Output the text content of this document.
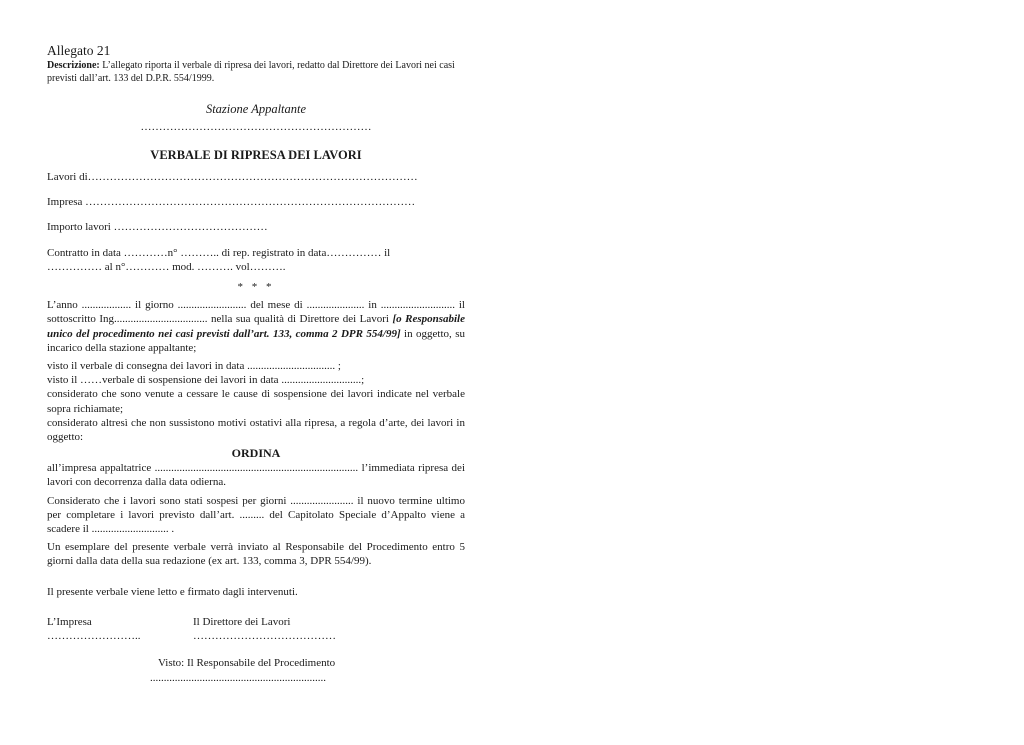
Allegato 21
Descrizione: L’allegato riporta il verbale di ripresa dei lavori, redatto dal Direttore dei Lavori nei casi previsti dall’art. 133 del D.P.R. 554/1999.
Stazione Appaltante
………………………………………………………
VERBALE DI RIPRESA DEI LAVORI
Lavori di………………………………………………………………………………
Impresa ………………………………………………………………………………
Importo lavori ……………………………………
Contratto in data …………n° ……….. di rep. registrato in data…………… il
…………… al n°………… mod. ………. vol……….
* * *
L’anno .................. il giorno ......................... del mese di ..................... in ........................... il sottoscritto Ing.................................. nella sua qualità di Direttore dei Lavori [o Responsabile unico del procedimento nei casi previsti dall’art. 133, comma 2 DPR 554/99] in oggetto, su incarico della stazione appaltante;
visto il verbale di consegna dei lavori in data ................................ ;
visto il ……verbale di sospensione dei lavori in data .............................;
considerato che sono venute a cessare le cause di sospensione dei lavori indicate nel verbale sopra richiamate;
considerato altresì che non sussistono motivi ostativi alla ripresa, a regola d’arte, dei lavori in oggetto:
ORDINA
all’impresa appaltatrice .......................................................................... l’immediata ripresa dei lavori con decorrenza dalla data odierna.
Considerato che i lavori sono stati sospesi per giorni ....................... il nuovo termine ultimo per completare i lavori previsto dall’art. ......... del Capitolato Speciale d’Appalto viene a scadere il ............................ .
Un esemplare del presente verbale verrà inviato al Responsabile del Procedimento entro 5 giorni dalla data della sua redazione (ex art. 133, comma 3, DPR 554/99).
Il presente verbale viene letto e firmato dagli intervenuti.
L’Impresa
……………………..
Il Direttore dei Lavori
…………………………………
Visto: Il Responsabile del Procedimento
................................................................
